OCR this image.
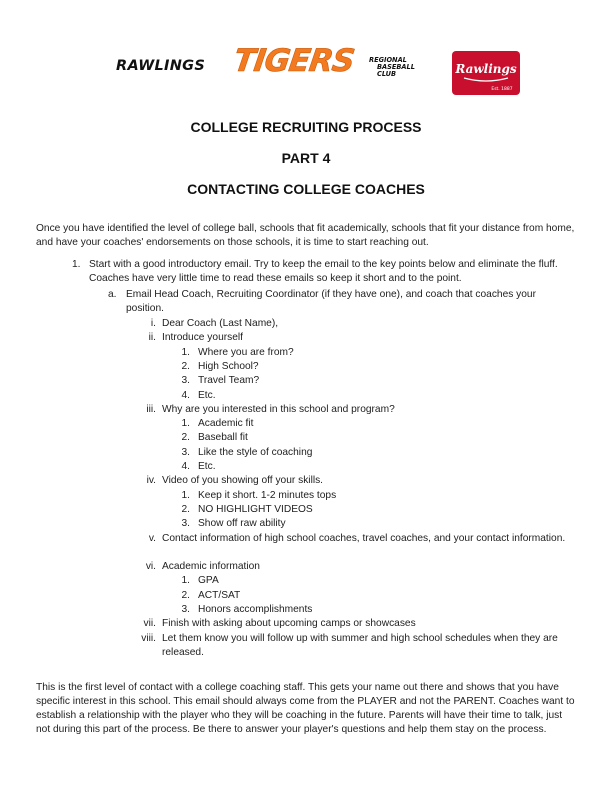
RAWLINGS TIGERS REGIONAL
BASEBALL
CLUB	Rawlings
Est. 1887
COLLEGE RECRUITING PROCESS
PART 4
CONTACTING COLLEGE COACHES
Once you have identified the level of college ball, schools that fit academically, schools that fit your distance from home, and have your coaches' endorsements on those schools, it is time to start reaching out.
1. Start with a good introductory email. Try to keep the email to the key points below and eliminate the fluff. Coaches have very little time to read these emails so keep it short and to the point.
a. Email Head Coach, Recruiting Coordinator (if they have one), and coach that coaches your position.
i. Dear Coach (Last Name),
ii. Introduce yourself
1. Where you are from?
2. High School?
3. Travel Team?
4. Etc.
iii. Why are you interested in this school and program?
1. Academic fit
2. Baseball fit
3. Like the style of coaching
4. Etc.
iv. Video of you showing off your skills.
1. Keep it short. 1-2 minutes tops
2. NO HIGHLIGHT VIDEOS
3. Show off raw ability
v. Contact information of high school coaches, travel coaches, and your contact information.
vi. Academic information
1. GPA
2. ACT/SAT
3. Honors accomplishments
vii. Finish with asking about upcoming camps or showcases
viii. Let them know you will follow up with summer and high school schedules when they are released.
This is the first level of contact with a college coaching staff. This gets your name out there and shows that you have specific interest in this school. This email should always come from the PLAYER and not the PARENT. Coaches want to establish a relationship with the player who they will be coaching in the future. Parents will have their time to talk, just not during this part of the process. Be there to answer your player's questions and help them stay on the process.
